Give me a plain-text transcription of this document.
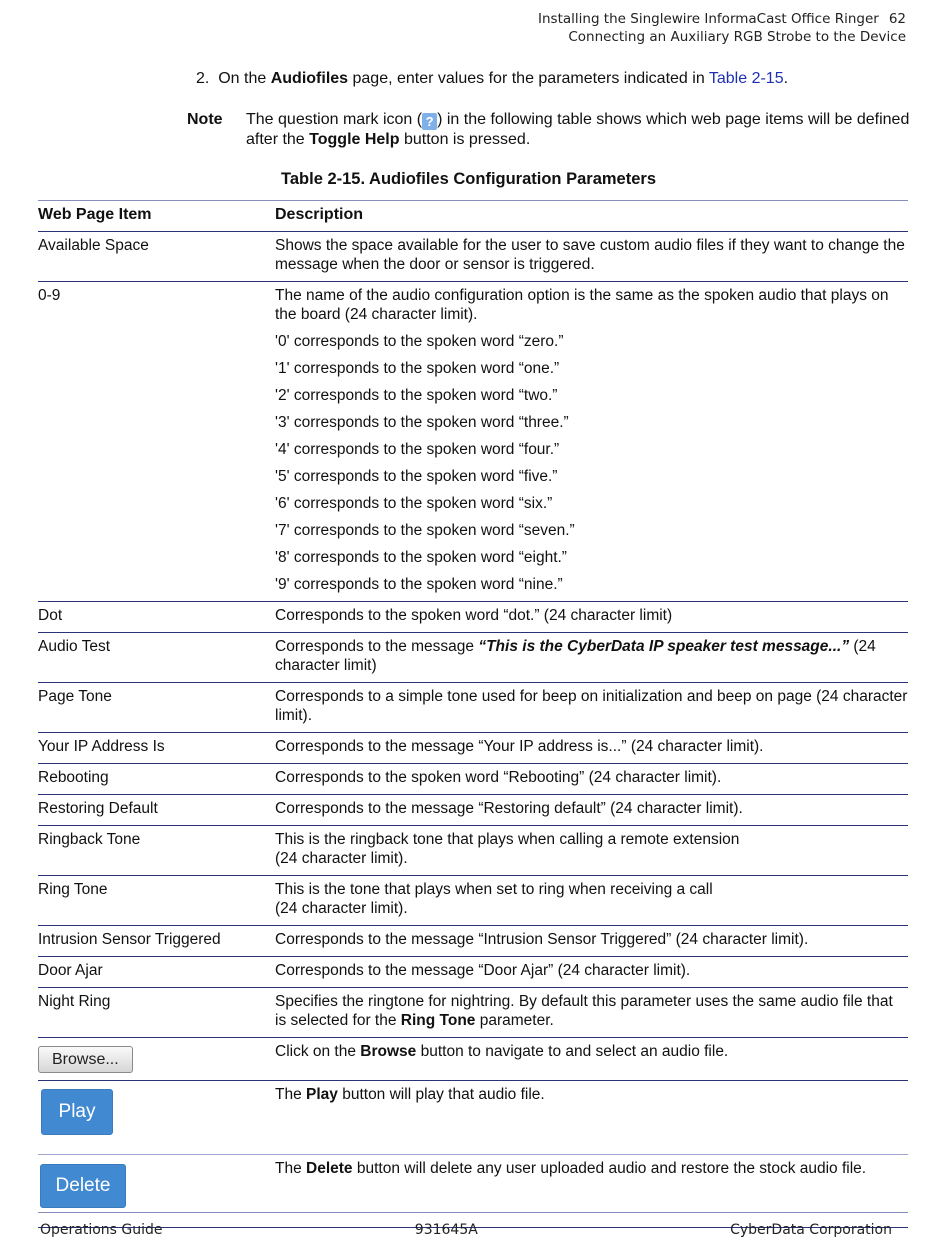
Installing the Singlewire InformaCast Office Ringer 62
Connecting an Auxiliary RGB Strobe to the Device
2. On the Audiofiles page, enter values for the parameters indicated in Table 2-15.
Note The question mark icon ( ? ) in the following table shows which web page items will be defined after the Toggle Help button is pressed.
Table 2-15. Audiofiles Configuration Parameters
Web Page Item	Description
Available Space	Shows the space available for the user to save custom audio files if they want to change the message when the door or sensor is triggered.
0-9	The name of the audio configuration option is the same as the spoken audio that plays on the board (24 character limit).
'0' corresponds to the spoken word “zero.”
'1' corresponds to the spoken word “one.”
'2' corresponds to the spoken word “two.”
'3' corresponds to the spoken word “three.”
'4' corresponds to the spoken word “four.”
'5' corresponds to the spoken word “five.”
'6' corresponds to the spoken word “six.”
'7' corresponds to the spoken word “seven.”
'8' corresponds to the spoken word “eight.”
'9' corresponds to the spoken word “nine.”

Dot	Corresponds to the spoken word “dot.” (24 character limit)
Audio Test	Corresponds to the message “This is the CyberData IP speaker test message...” (24 character limit)
Page Tone	Corresponds to a simple tone used for beep on initialization and beep on page (24 character limit).
Your IP Address Is	Corresponds to the message “Your IP address is...” (24 character limit).
Rebooting	Corresponds to the spoken word “Rebooting” (24 character limit).
Restoring Default	Corresponds to the message “Restoring default” (24 character limit).
Ringback Tone	This is the ringback tone that plays when calling a remote extension
(24 character limit).

Ring Tone	This is the tone that plays when set to ring when receiving a call
(24 character limit).

Intrusion Sensor Triggered	Corresponds to the message “Intrusion Sensor Triggered” (24 character limit).
Door Ajar	Corresponds to the message “Door Ajar” (24 character limit).
Night Ring	Specifies the ringtone for nightring. By default this parameter uses the same audio file that is selected for the Ring Tone parameter.
Browse...	Click on the Browse button to navigate to and select an audio file.
Play	The Play button will play that audio file.
Delete	The Delete button will delete any user uploaded audio and restore the stock audio file.
Operations Guide	931645A	CyberData Corporation
